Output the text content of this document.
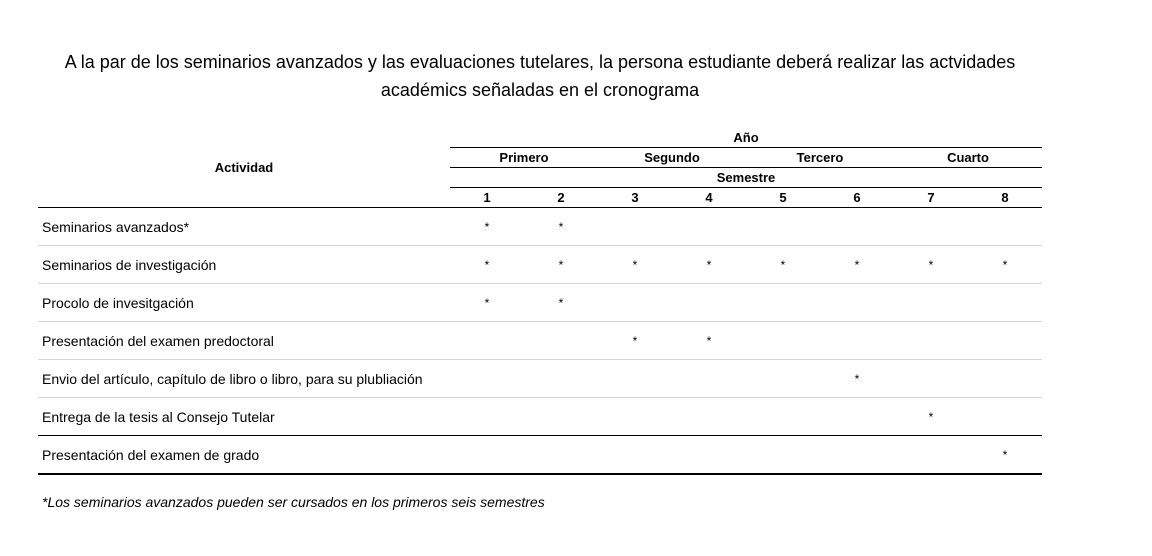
A la par de los seminarios avanzados y las evaluaciones tutelares, la persona estudiante deberá realizar las actvidades académics señaladas en el cronograma
Actividad	Año							
	Primero		Segundo		Tercero		Cuarto	
	Semestre							
	1	2	3	4	5	6	7	8
Seminarios avanzados*	*	*						
Seminarios de investigación	*	*	*	*	*	*	*	*
Procolo de invesitgación	*	*						
Presentación del examen predoctoral			*	*				
Envio del artículo, capítulo de libro o libro, para su plubliación						*		
Entrega de la tesis al Consejo Tutelar							*	
Presentación del examen de grado								*
*Los seminarios avanzados pueden ser cursados en los primeros seis semestres
